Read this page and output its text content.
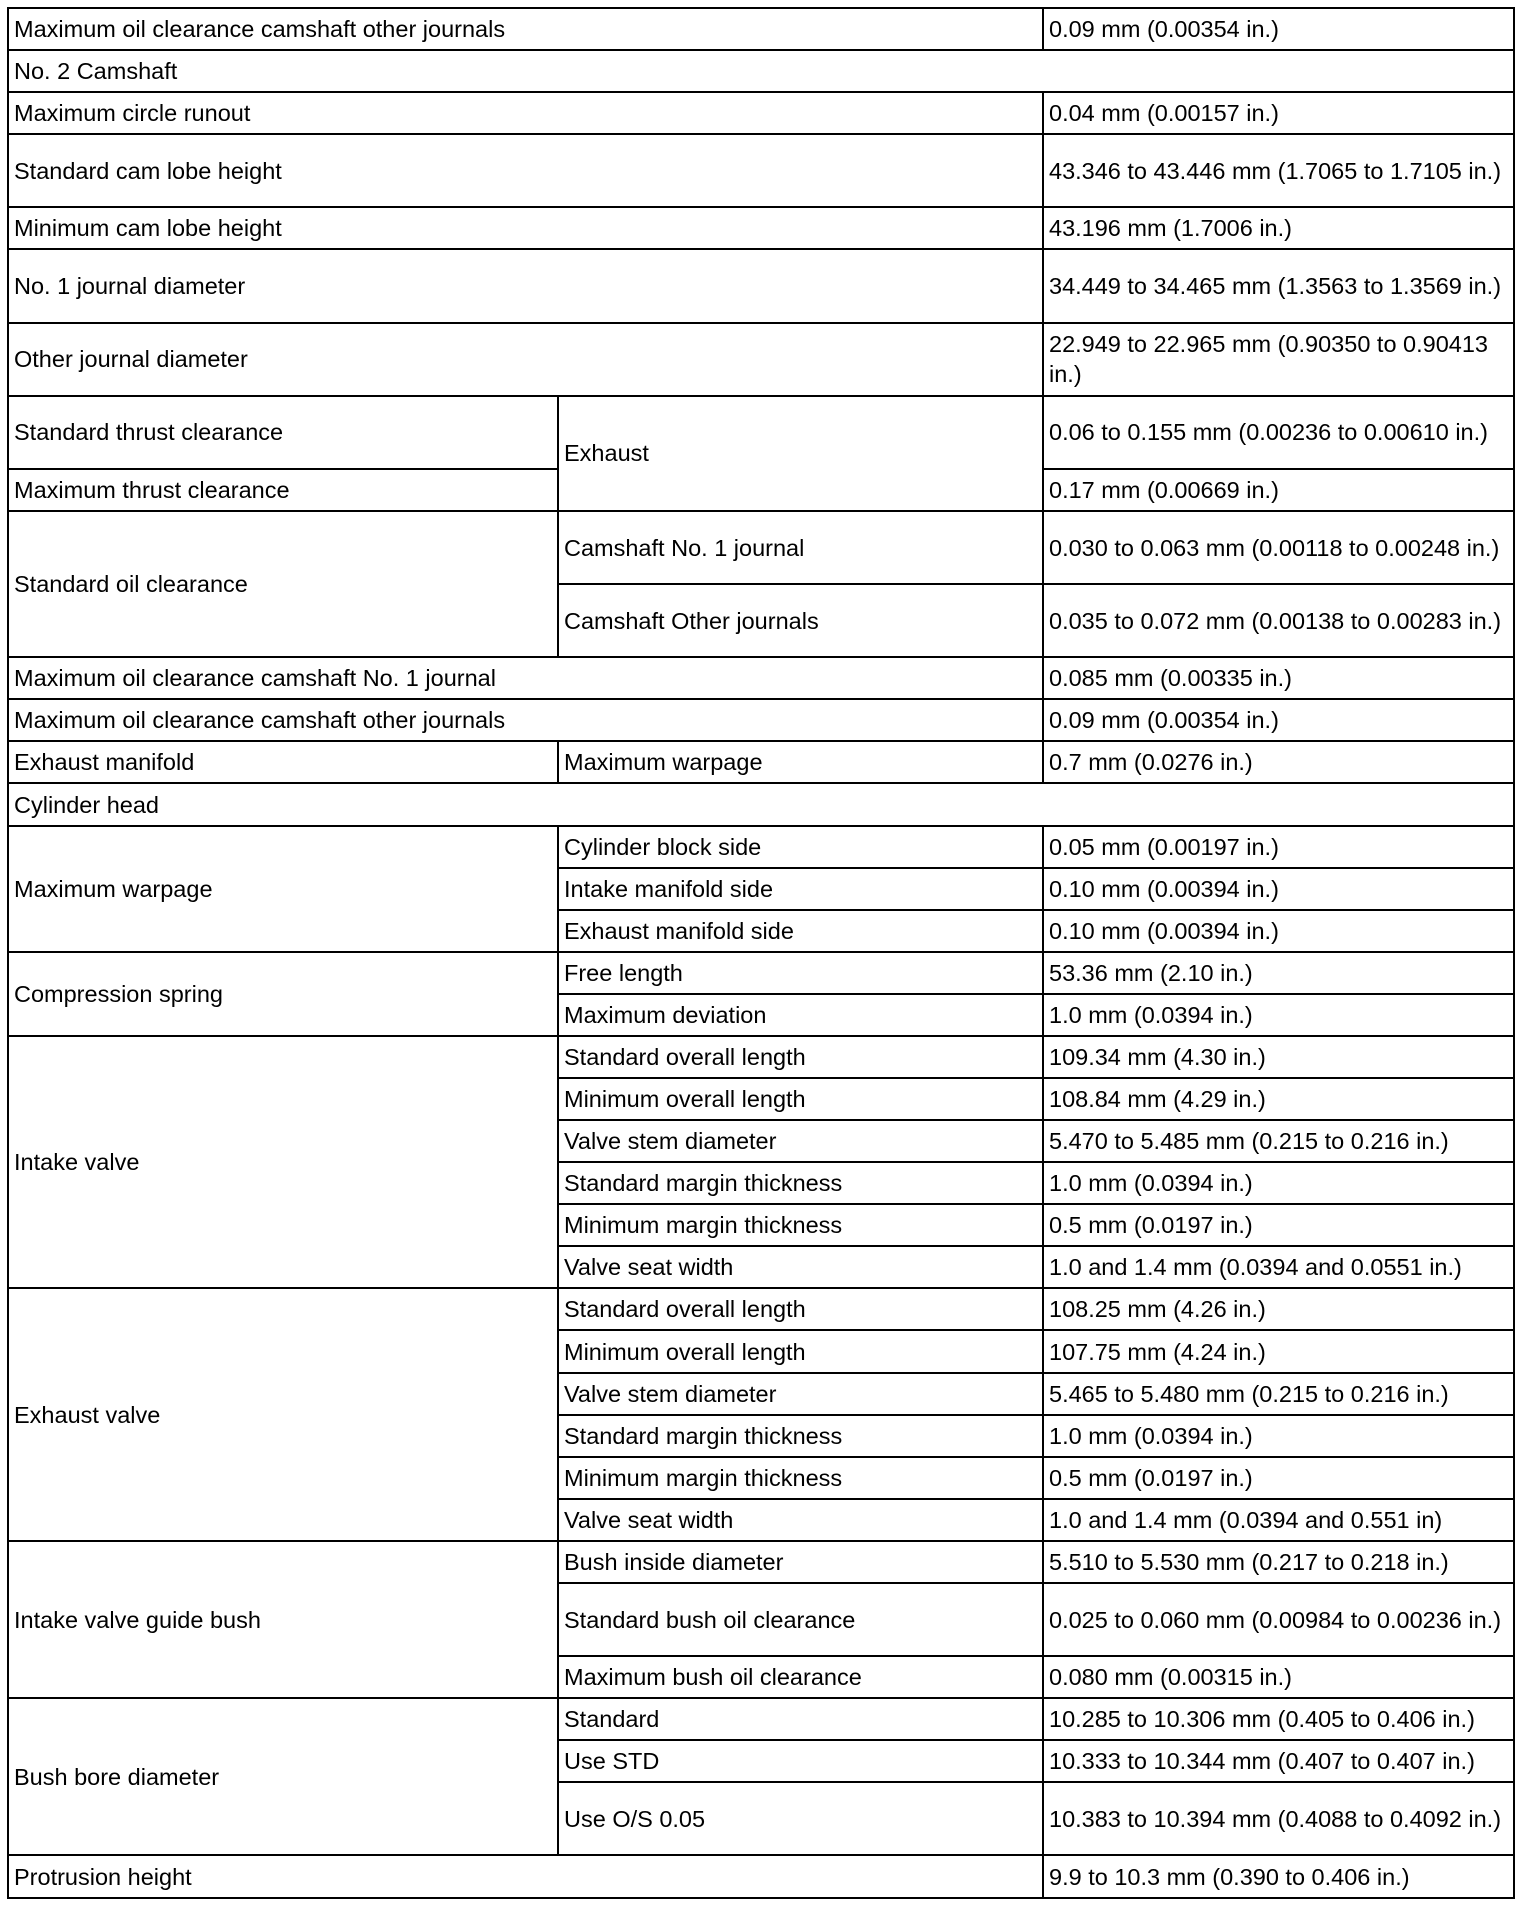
Maximum oil clearance camshaft other journals		0.09 mm (0.00354 in.)
No. 2 Camshaft		
Maximum circle runout		0.04 mm (0.00157 in.)
Standard cam lobe height		43.346 to 43.446 mm (1.7065 to 1.7105 in.)
Minimum cam lobe height		43.196 mm (1.7006 in.)
No. 1 journal diameter		34.449 to 34.465 mm (1.3563 to 1.3569 in.)
Other journal diameter		22.949 to 22.965 mm (0.90350 to 0.90413 in.)
Standard thrust clearance	Exhaust	0.06 to 0.155 mm (0.00236 to 0.00610 in.)
Maximum thrust clearance		0.17 mm (0.00669 in.)
Standard oil clearance	Camshaft No. 1 journal	0.030 to 0.063 mm (0.00118 to 0.00248 in.)
	Camshaft Other journals	0.035 to 0.072 mm (0.00138 to 0.00283 in.)
Maximum oil clearance camshaft No. 1 journal		0.085 mm (0.00335 in.)
Maximum oil clearance camshaft other journals		0.09 mm (0.00354 in.)
Exhaust manifold	Maximum warpage	0.7 mm (0.0276 in.)
Cylinder head		
Maximum warpage	Cylinder block side	0.05 mm (0.00197 in.)
	Intake manifold side	0.10 mm (0.00394 in.)
	Exhaust manifold side	0.10 mm (0.00394 in.)
Compression spring	Free length	53.36 mm (2.10 in.)
	Maximum deviation	1.0 mm (0.0394 in.)
Intake valve	Standard overall length	109.34 mm (4.30 in.)
	Minimum overall length	108.84 mm (4.29 in.)
	Valve stem diameter	5.470 to 5.485 mm (0.215 to 0.216 in.)
	Standard margin thickness	1.0 mm (0.0394 in.)
	Minimum margin thickness	0.5 mm (0.0197 in.)
	Valve seat width	1.0 and 1.4 mm (0.0394 and 0.0551 in.)
Exhaust valve	Standard overall length	108.25 mm (4.26 in.)
	Minimum overall length	107.75 mm (4.24 in.)
	Valve stem diameter	5.465 to 5.480 mm (0.215 to 0.216 in.)
	Standard margin thickness	1.0 mm (0.0394 in.)
	Minimum margin thickness	0.5 mm (0.0197 in.)
	Valve seat width	1.0 and 1.4 mm (0.0394 and 0.551 in)
Intake valve guide bush	Bush inside diameter	5.510 to 5.530 mm (0.217 to 0.218 in.)
	Standard bush oil clearance	0.025 to 0.060 mm (0.00984 to 0.00236 in.)
	Maximum bush oil clearance	0.080 mm (0.00315 in.)
Bush bore diameter	Standard	10.285 to 10.306 mm (0.405 to 0.406 in.)
	Use STD	10.333 to 10.344 mm (0.407 to 0.407 in.)
	Use O/S 0.05	10.383 to 10.394 mm (0.4088 to 0.4092 in.)
Protrusion height		9.9 to 10.3 mm (0.390 to 0.406 in.)
